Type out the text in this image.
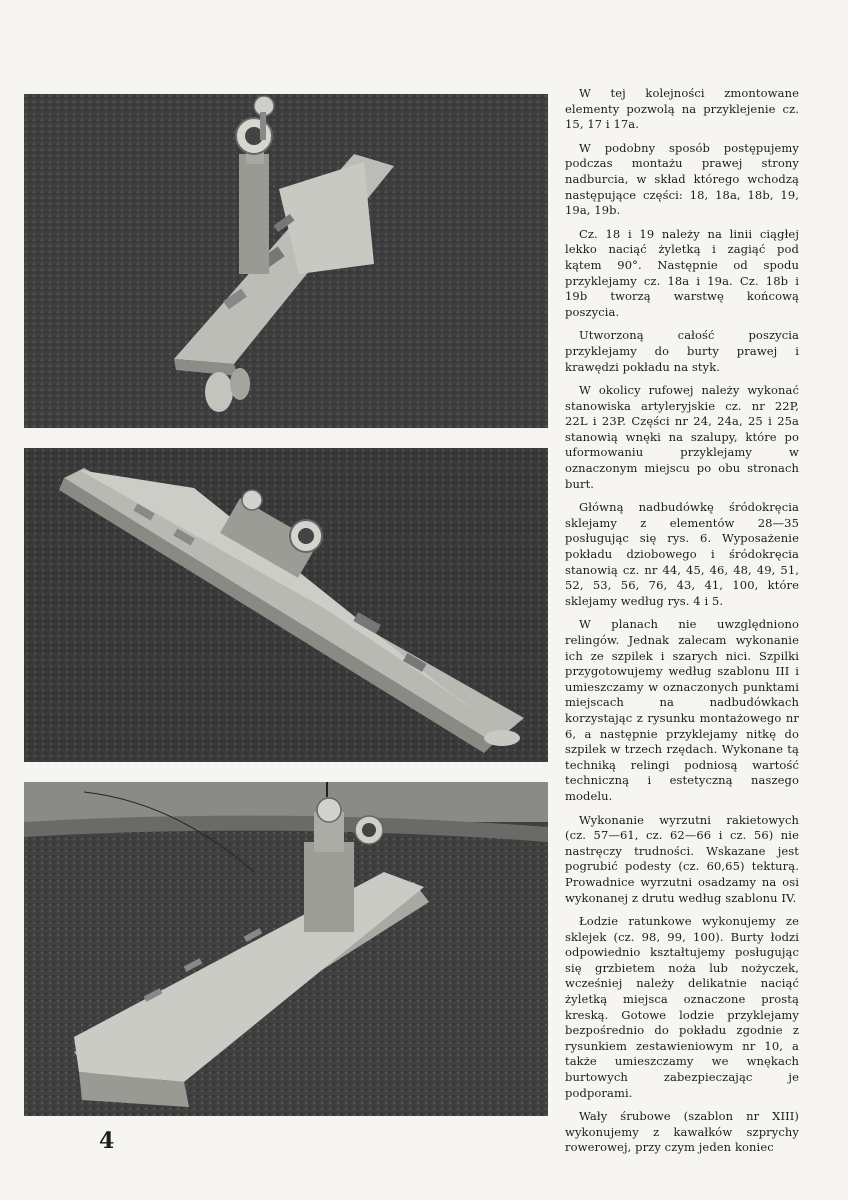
W tej kolejności zmontowane elementy pozwolą na przyklejenie cz. 15, 17 i 17a.

W podobny sposób postępujemy podczas montażu prawej strony nadburcia, w skład którego wchodzą następujące części: 18, 18a, 18b, 19, 19a, 19b.

Cz. 18 i 19 należy na linii ciągłej lekko naciąć żyletką i zagiąć pod kątem 90°. Następnie od spodu przyklejamy cz. 18a i 19a. Cz. 18b i 19b tworzą warstwę końcową poszycia.

Utworzoną całość poszycia przyklejamy do burty prawej i krawędzi pokładu na styk.

W okolicy rufowej należy wykonać stanowiska artyleryjskie cz. nr 22P, 22L i 23P. Części nr 24, 24a, 25 i 25a stanowią wnęki na szalupy, które po uformowaniu przyklejamy w oznaczonym miejscu po obu stronach burt.

Główną nadbudówkę śródokręcia sklejamy z elementów 28—35 posługując się rys. 6. Wyposażenie pokładu dziobowego i śródokręcia stanowią cz. nr 44, 45, 46, 48, 49, 51, 52, 53, 56, 76, 43, 41, 100, które sklejamy według rys. 4 i 5.

W planach nie uwzględniono relingów. Jednak zalecam wykonanie ich ze szpilek i szarych nici. Szpilki przygotowujemy według szablonu III i umieszczamy w oznaczonych punktami miejscach na nadbudówkach korzystając z rysunku montażowego nr 6, a następnie przyklejamy nitkę do szpilek w trzech rzędach. Wykonane tą techniką relingi podniosą wartość techniczną i estetyczną naszego modelu.

Wykonanie wyrzutni rakietowych (cz. 57—61, cz. 62—66 i cz. 56) nie nastręczy trudności. Wskazane jest pogrubić podesty (cz. 60,65) tekturą. Prowadnice wyrzutni osadzamy na osi wykonanej z drutu według szablonu IV.

Łodzie ratunkowe wykonujemy ze sklejek (cz. 98, 99, 100). Burty łodzi odpowiednio kształtujemy posługując się grzbietem noża lub nożyczek, wcześniej należy delikatnie naciąć żyletką miejsca oznaczone prostą kreską. Gotowe lodzie przyklejamy bezpośrednio do pokładu zgodnie z rysunkiem zestawieniowym nr 10, a także umieszczamy we wnękach burtowych zabezpieczając je podporami.

Wały śrubowe (szablon nr XIII) wykonujemy z kawałków szprychy rowerowej, przy czym jeden koniec

4
